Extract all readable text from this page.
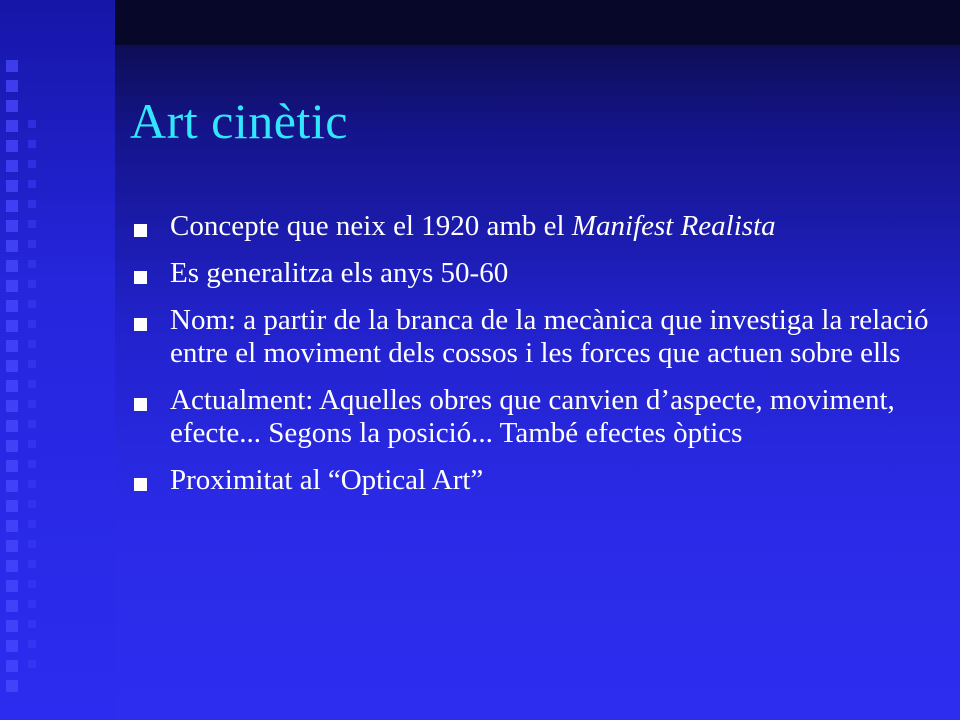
Art cinètic
Concepte que neix el 1920 amb el Manifest Realista
Es generalitza els anys 50-60
Nom: a partir de la branca de la mecànica que investiga la relació entre el moviment dels cossos i les forces que actuen sobre ells
Actualment: Aquelles obres que canvien d’aspecte, moviment, efecte... Segons la posició... També efectes òptics
Proximitat al “Optical Art”
